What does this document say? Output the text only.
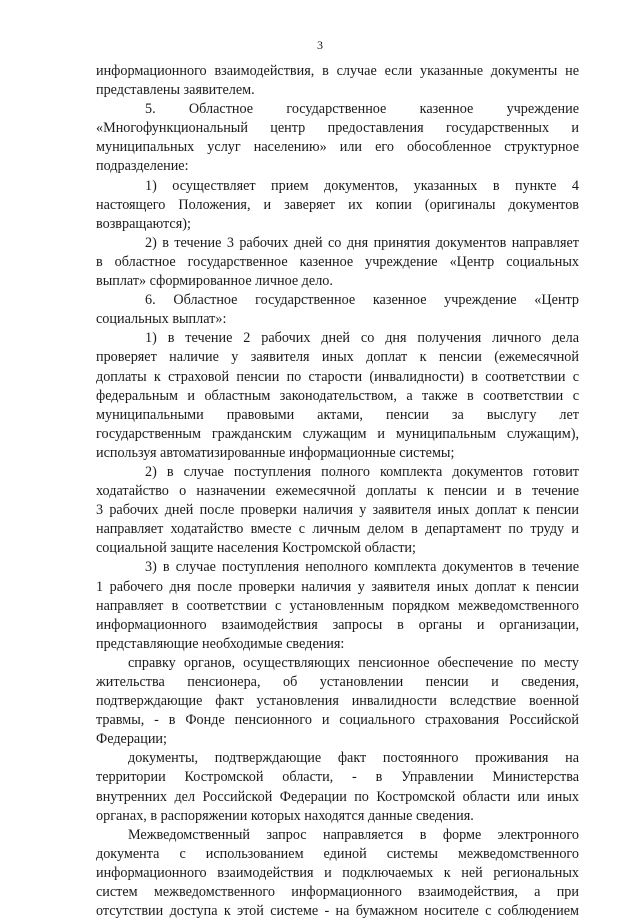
3
информационного взаимодействия, в случае если указанные документы не
представлены заявителем.
5. Областное государственное казенное учреждение
«Многофункциональный центр предоставления государственных и
муниципальных услуг населению» или его обособленное структурное
подразделение:
1) осуществляет прием документов, указанных в пункте 4
настоящего Положения, и заверяет их копии (оригиналы документов
возвращаются);
2) в течение 3 рабочих дней со дня принятия документов направляет
в областное государственное казенное учреждение «Центр социальных
выплат» сформированное личное дело.
6. Областное государственное казенное учреждение «Центр
социальных выплат»:
1) в течение 2 рабочих дней со дня получения личного дела
проверяет наличие у заявителя иных доплат к пенсии (ежемесячной
доплаты к страховой пенсии по старости (инвалидности) в соответствии с
федеральным и областным законодательством, а также в соответствии с
муниципальными правовыми актами, пенсии за выслугу лет
государственным гражданским служащим и муниципальным служащим),
используя автоматизированные информационные системы;
2) в случае поступления полного комплекта документов готовит
ходатайство о назначении ежемесячной доплаты к пенсии и в течение
3 рабочих дней после проверки наличия у заявителя иных доплат к пенсии
направляет ходатайство вместе с личным делом в департамент по труду и
социальной защите населения Костромской области;
3) в случае поступления неполного комплекта документов в течение
1 рабочего дня после проверки наличия у заявителя иных доплат к пенсии
направляет в соответствии с установленным порядком межведомственного
информационного взаимодействия запросы в органы и организации,
представляющие необходимые сведения:
справку органов, осуществляющих пенсионное обеспечение по месту
жительства пенсионера, об установлении пенсии и сведения,
подтверждающие факт установления инвалидности вследствие военной
травмы, - в Фонде пенсионного и социального страхования Российской
Федерации;
документы, подтверждающие факт постоянного проживания на
территории Костромской области, - в Управлении Министерства
внутренних дел Российской Федерации по Костромской области или иных
органах, в распоряжении которых находятся данные сведения.
Межведомственный запрос направляется в форме электронного
документа с использованием единой системы межведомственного
информационного взаимодействия и подключаемых к ней региональных
систем межведомственного информационного взаимодействия, а при
отсутствии доступа к этой системе - на бумажном носителе с соблюдением
